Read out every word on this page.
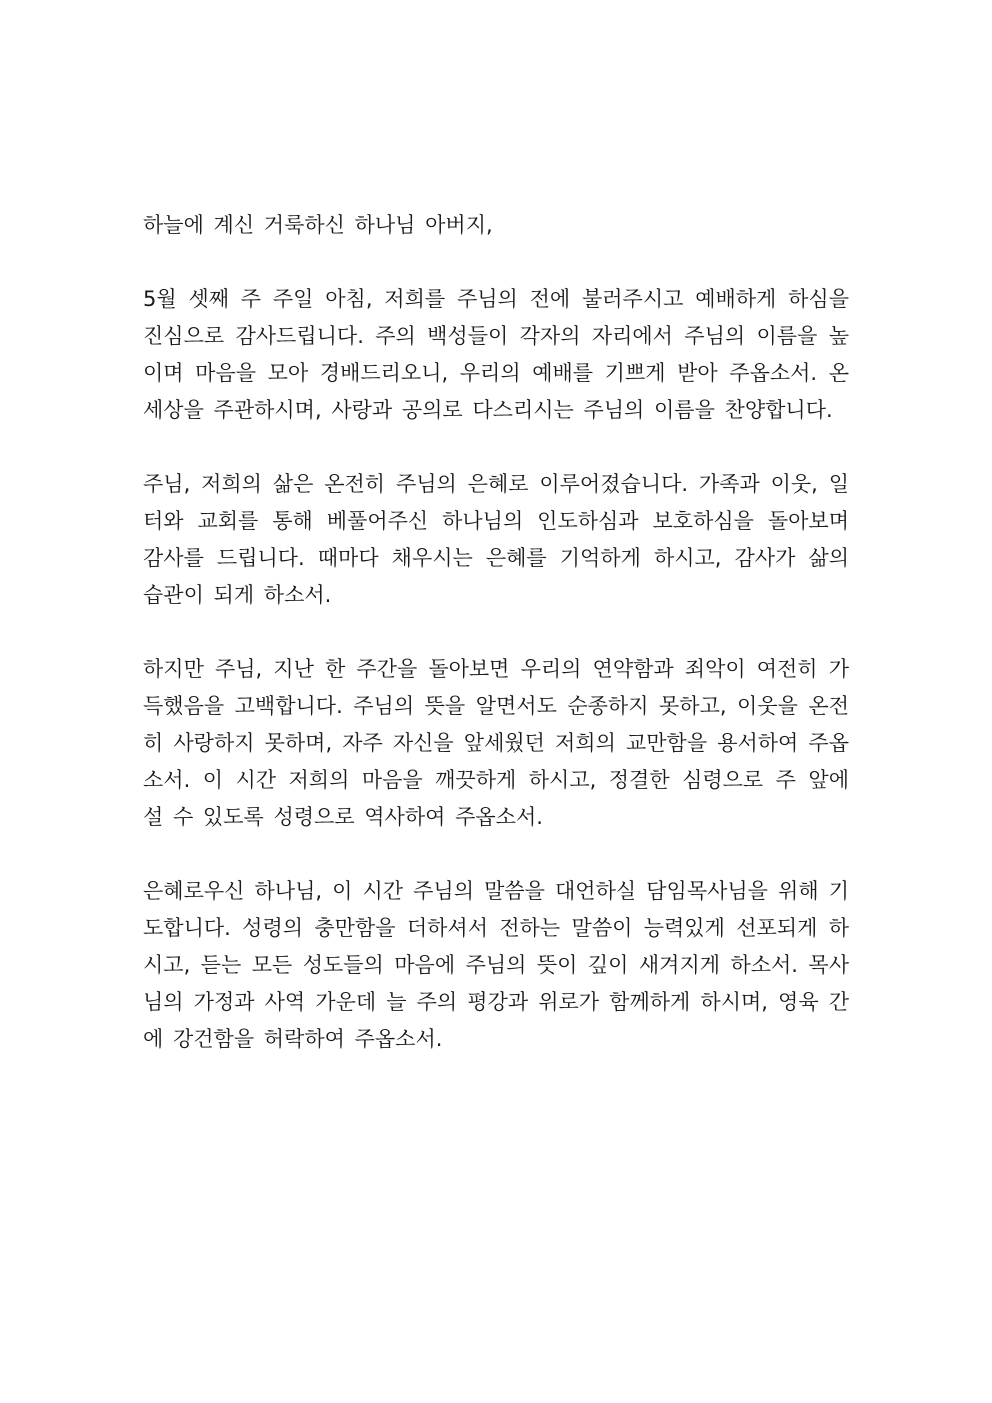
하늘에 계신 거룩하신 하나님 아버지,

5월 셋째 주 주일 아침, 저희를 주님의 전에 불러주시고 예배하게 하심을 진심으로 감사드립니다. 주의 백성들이 각자의 자리에서 주님의 이름을 높이며 마음을 모아 경배드리오니, 우리의 예배를 기쁘게 받아 주옵소서. 온 세상을 주관하시며, 사랑과 공의로 다스리시는 주님의 이름을 찬양합니다.

주님, 저희의 삶은 온전히 주님의 은혜로 이루어졌습니다. 가족과 이웃, 일터와 교회를 통해 베풀어주신 하나님의 인도하심과 보호하심을 돌아보며 감사를 드립니다. 때마다 채우시는 은혜를 기억하게 하시고, 감사가 삶의 습관이 되게 하소서.

하지만 주님, 지난 한 주간을 돌아보면 우리의 연약함과 죄악이 여전히 가득했음을 고백합니다. 주님의 뜻을 알면서도 순종하지 못하고, 이웃을 온전히 사랑하지 못하며, 자주 자신을 앞세웠던 저희의 교만함을 용서하여 주옵소서. 이 시간 저희의 마음을 깨끗하게 하시고, 정결한 심령으로 주 앞에 설 수 있도록 성령으로 역사하여 주옵소서.

은혜로우신 하나님, 이 시간 주님의 말씀을 대언하실 담임목사님을 위해 기도합니다. 성령의 충만함을 더하셔서 전하는 말씀이 능력있게 선포되게 하시고, 듣는 모든 성도들의 마음에 주님의 뜻이 깊이 새겨지게 하소서. 목사님의 가정과 사역 가운데 늘 주의 평강과 위로가 함께하게 하시며, 영육 간에 강건함을 허락하여 주옵소서.
